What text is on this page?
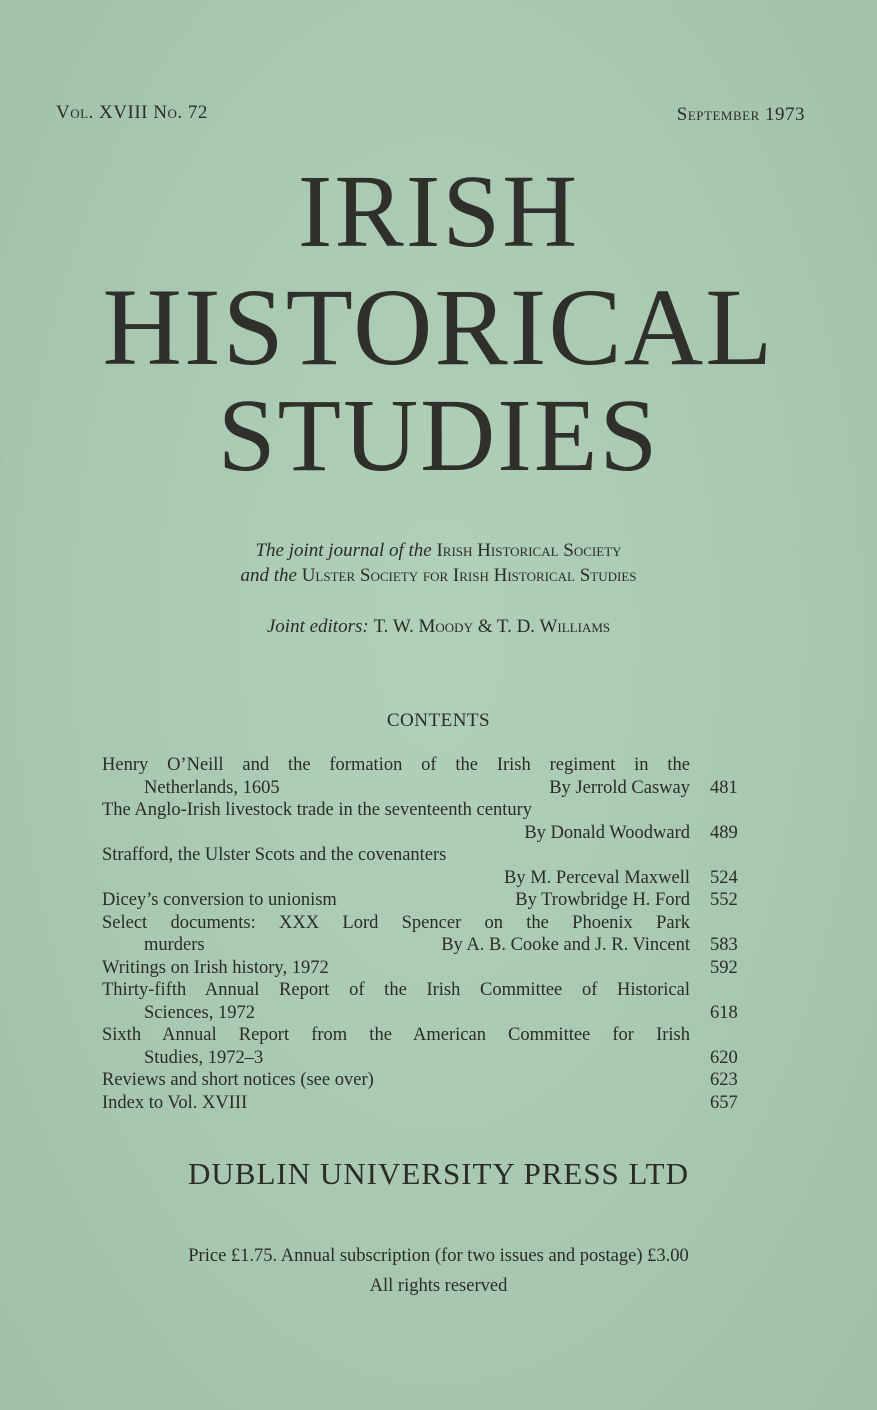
Vol. XVIII No. 72	September 1973
IRISH
HISTORICAL
STUDIES
The joint journal of the Irish Historical Society
and the Ulster Society for Irish Historical Studies
Joint editors: T. W. Moody & T. D. Williams
CONTENTS
Henry O’Neill and the formation of the Irish regiment in the
Netherlands, 1605	By Jerrold Casway 481
The Anglo-Irish livestock trade in the seventeenth century
By Donald Woodward 489
Strafford, the Ulster Scots and the covenanters
By M. Perceval Maxwell 524
Dicey’s conversion to unionism	By Trowbridge H. Ford 552
Select documents: XXX Lord Spencer on the Phoenix Park
murders	By A. B. Cooke and J. R. Vincent 583
Writings on Irish history, 1972	592
Thirty-fifth Annual Report of the Irish Committee of Historical
Sciences, 1972	618
Sixth Annual Report from the American Committee for Irish
Studies, 1972–3	620
Reviews and short notices (see over)	623
Index to Vol. XVIII	657
DUBLIN UNIVERSITY PRESS LTD
Price £1.75. Annual subscription (for two issues and postage) £3.00
All rights reserved
